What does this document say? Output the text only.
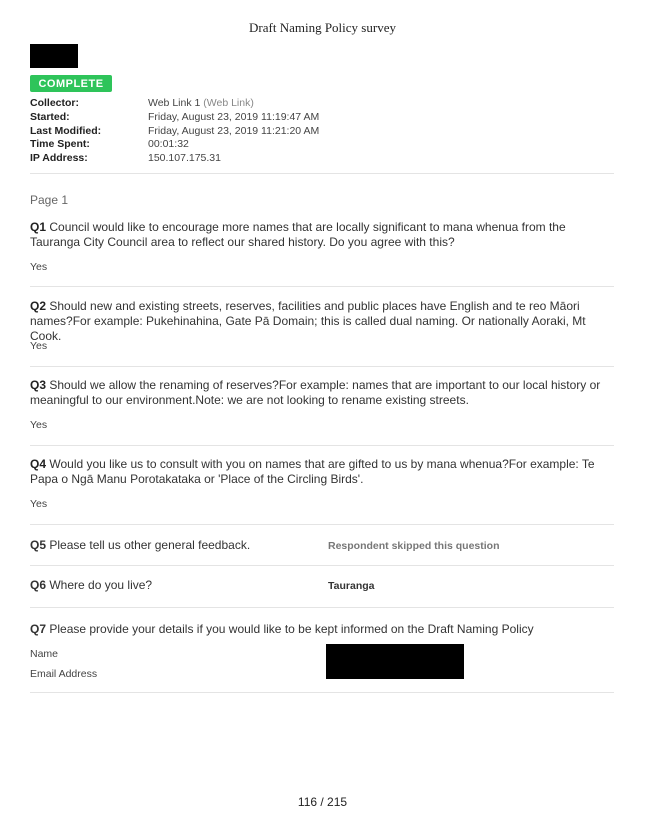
Draft Naming Policy survey
COMPLETE
Collector:	Web Link 1 (Web Link)
Started:	Friday, August 23, 2019 11:19:47 AM
Last Modified:	Friday, August 23, 2019 11:21:20 AM
Time Spent:	00:01:32
IP Address:	150.107.175.31
Page 1
Q1 Council would like to encourage more names that are locally significant to mana whenua from the Tauranga City Council area to reflect our shared history. Do you agree with this?
Yes
Q2 Should new and existing streets, reserves, facilities and public places have English and te reo Māori names?For example: Pukehinahina, Gate Pā Domain; this is called dual naming. Or nationally Aoraki, Mt Cook.
Yes
Q3 Should we allow the renaming of reserves?For example: names that are important to our local history or meaningful to our environment.Note: we are not looking to rename existing streets.
Yes
Q4 Would you like us to consult with you on names that are gifted to us by mana whenua?For example: Te Papa o Ngā Manu Porotakataka or 'Place of the Circling Birds'.
Yes
Q5 Please tell us other general feedback.	Respondent skipped this question
Q6 Where do you live?	Tauranga
Q7 Please provide your details if you would like to be kept informed on the Draft Naming Policy
Name
Email Address
116 / 215
